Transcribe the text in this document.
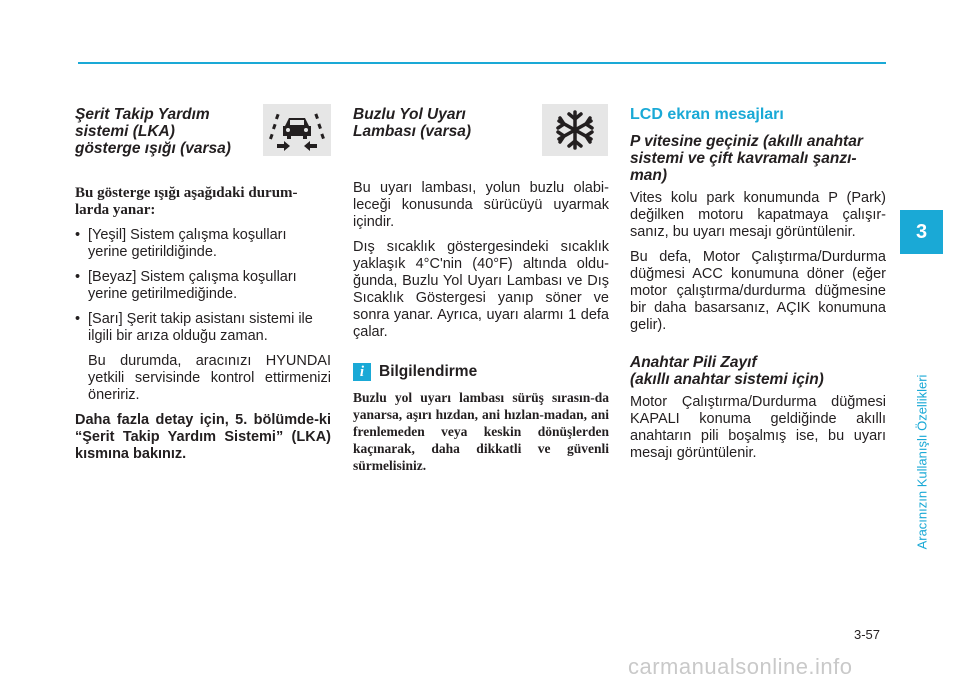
Şerit Takip Yardım
sistemi (LKA)
gösterge ışığı (varsa)
Bu gösterge ışığı aşağıdaki durum-
larda yanar:
• [Yeşil] Sistem çalışma koşulları
yerine getirildiğinde.
• [Beyaz] Sistem çalışma koşulları
yerine getirilmediğinde.
• [Sarı] Şerit takip asistanı sistemi ile
ilgili bir arıza olduğu zaman.

Bu durumda, aracınızı HYUNDAI yetkili servisinde kontrol ettirmenizi öneririz.

Daha fazla detay için, 5. bölümde-ki “Şerit Takip Yardım Sistemi” (LKA) kısmına bakınız.

Buzlu Yol Uyarı
Lambası (varsa)

Bu uyarı lambası, yolun buzlu olabi-leceği konusunda sürücüyü uyarmak içindir.

Dış sıcaklık göstergesindeki sıcaklık yaklaşık 4°C'nin (40°F) altında oldu-ğunda, Buzlu Yol Uyarı Lambası ve Dış Sıcaklık Göstergesi yanıp söner ve sonra yanar. Ayrıca, uyarı alarmı 1 defa çalar.

i Bilgilendirme

Buzlu yol uyarı lambası sürüş sırasın-da yanarsa, aşırı hızdan, ani hızlan-madan, ani frenlemeden veya keskin dönüşlerden kaçınarak, daha dikkatli ve güvenli sürmelisiniz.

LCD ekran mesajları
P vitesine geçiniz (akıllı anahtar
sistemi ve çift kavramalı şanzı-
man)

Vites kolu park konumunda P (Park) değilken motoru kapatmaya çalışır-sanız, bu uyarı mesajı görüntülenir.

Bu defa, Motor Çalıştırma/Durdurma düğmesi ACC konumuna döner (eğer motor çalıştırma/durdurma düğmesine bir daha basarsanız, AÇIK konumuna gelir).

Anahtar Pili Zayıf
(akıllı anahtar sistemi için)

Motor Çalıştırma/Durdurma düğmesi KAPALI konuma geldiğinde akıllı anahtarın pili boşalmış ise, bu uyarı mesajı görüntülenir.

3
Aracınızın Kullanışlı Özellikleri
3-57
carmanualsonline.info
